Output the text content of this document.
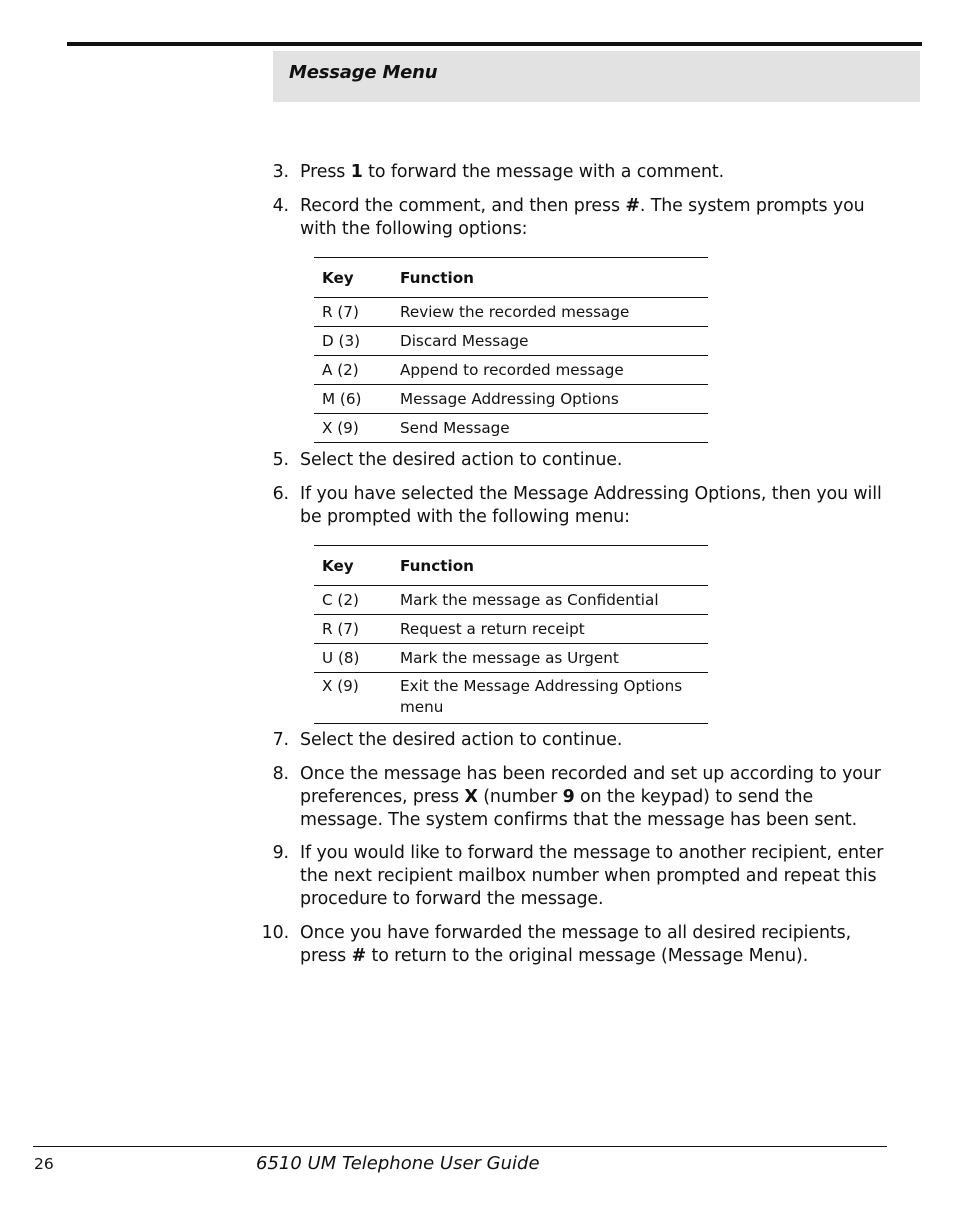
Message Menu
3. Press 1 to forward the message with a comment.
4. Record the comment, and then press #. The system prompts you with the following options:
Key	Function
R (7)	Review the recorded message
D (3)	Discard Message
A (2)	Append to recorded message
M (6)	Message Addressing Options
X (9)	Send Message
5. Select the desired action to continue.
6. If you have selected the Message Addressing Options, then you will be prompted with the following menu:
Key	Function
C (2)	Mark the message as Confidential
R (7)	Request a return receipt
U (8)	Mark the message as Urgent
X (9)	Exit the Message Addressing Options menu
7. Select the desired action to continue.
8. Once the message has been recorded and set up according to your preferences, press X (number 9 on the keypad) to send the message. The system confirms that the message has been sent.
9. If you would like to forward the message to another recipient, enter the next recipient mailbox number when prompted and repeat this procedure to forward the message.
10. Once you have forwarded the message to all desired recipients, press # to return to the original message (Message Menu).
26	6510 UM Telephone User Guide
